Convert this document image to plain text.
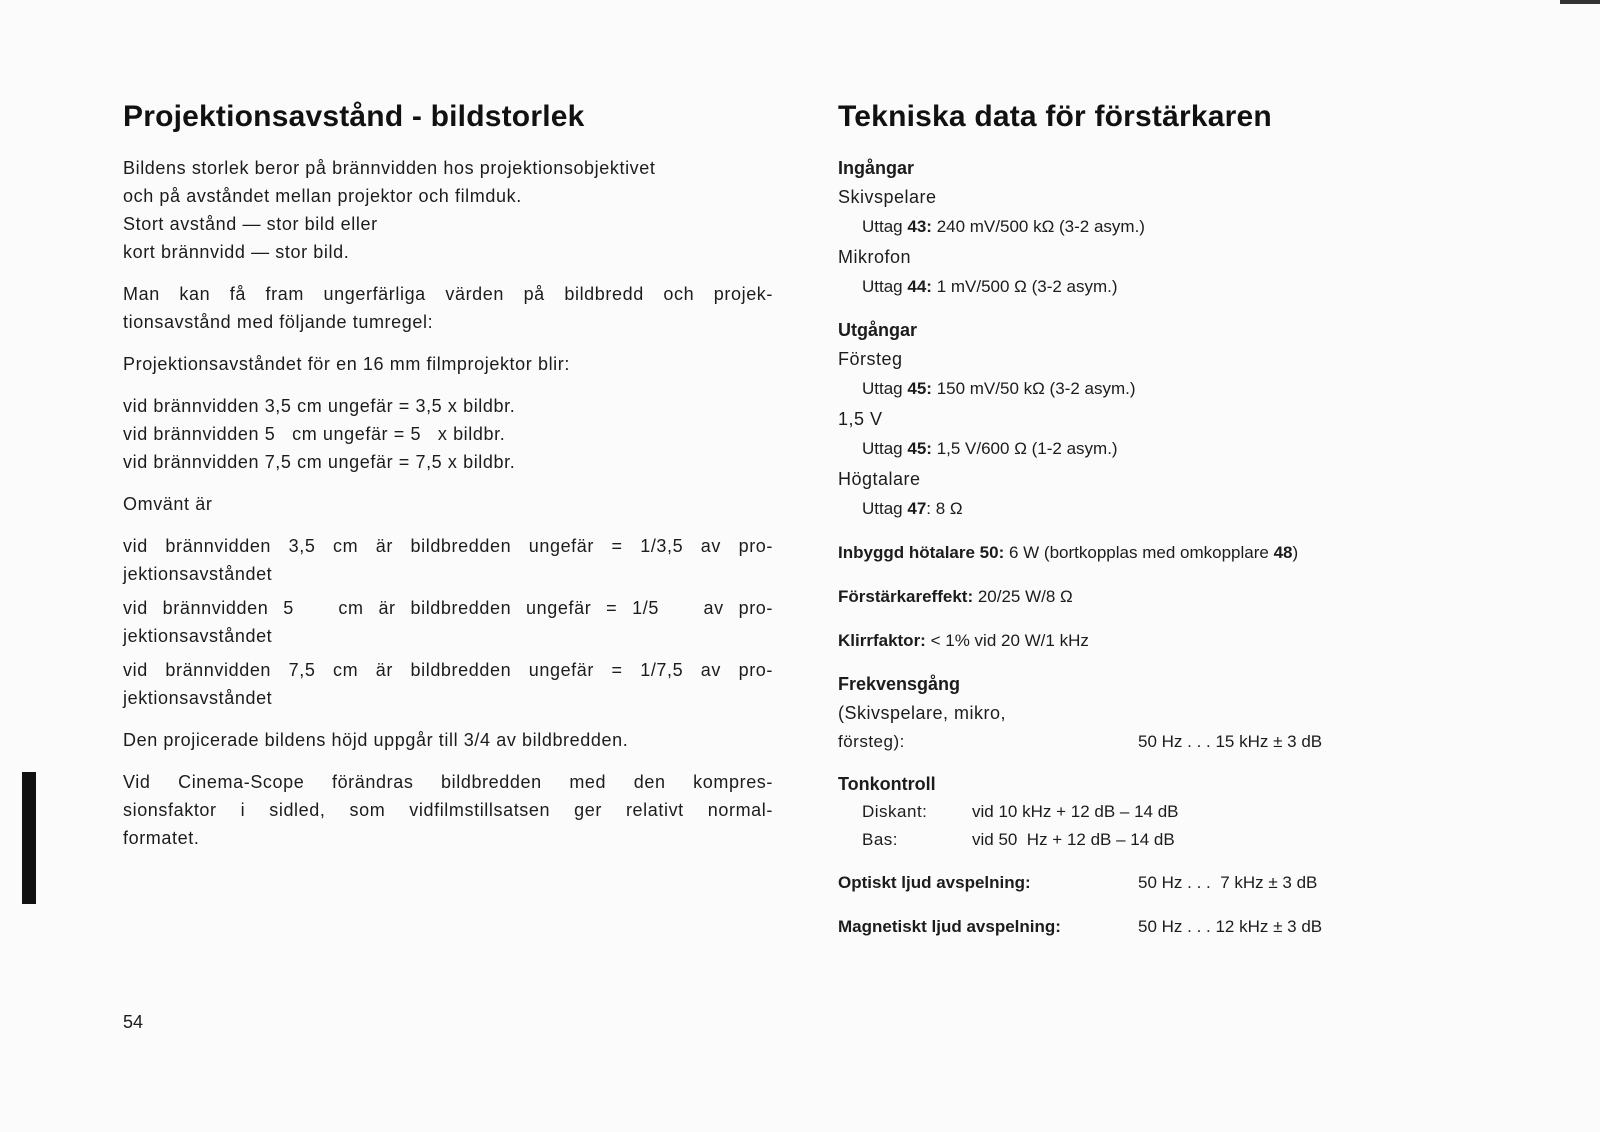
Projektionsavstånd - bildstorlek
Bildens storlek beror på brännvidden hos projektionsobjektivet
och på avståndet mellan projektor och filmduk.
Stort avstånd — stor bild eller
kort brännvidd — stor bild.
Man kan få fram ungerfärliga värden på bildbredd och projek-
tionsavstånd med följande tumregel:
Projektionsavståndet för en 16 mm filmprojektor blir:
vid brännvidden 3,5 cm ungefär = 3,5 x bildbr.
vid brännvidden 5   cm ungefär = 5   x bildbr.
vid brännvidden 7,5 cm ungefär = 7,5 x bildbr.
Omvänt är
vid brännvidden 3,5 cm är bildbredden ungefär = 1/3,5 av pro-
jektionsavståndet
vid brännvidden 5   cm är bildbredden ungefär = 1/5   av pro-
jektionsavståndet
vid brännvidden 7,5 cm är bildbredden ungefär = 1/7,5 av pro-
jektionsavståndet
Den projicerade bildens höjd uppgår till 3/4 av bildbredden.
Vid Cinema-Scope förändras bildbredden med den kompres-
sionsfaktor i sidled, som vidfilmstillsatsen ger relativt normal-
formatet.
Tekniska data för förstärkaren
Ingångar
Skivspelare
Uttag 43: 240 mV/500 kΩ (3-2 asym.)
Mikrofon
Uttag 44: 1 mV/500 Ω (3-2 asym.)
Utgångar
Försteg
Uttag 45: 150 mV/50 kΩ (3-2 asym.)
1,5 V
Uttag 45: 1,5 V/600 Ω (1-2 asym.)
Högtalare
Uttag 47: 8 Ω
Inbyggd hötalare 50: 6 W (bortkopplas med omkopplare 48)
Förstärkareffekt: 20/25 W/8 Ω
Klirrfaktor: < 1% vid 20 W/1 kHz
Frekvensgång
(Skivspelare, mikro,
försteg):	50 Hz . . . 15 kHz ± 3 dB
Tonkontroll
Diskant:	vid 10 kHz + 12 dB – 14 dB
Bas:	vid 50  Hz + 12 dB – 14 dB
Optiskt ljud avspelning:	50 Hz . . .  7 kHz ± 3 dB
Magnetiskt ljud avspelning:	50 Hz . . . 12 kHz ± 3 dB
54
